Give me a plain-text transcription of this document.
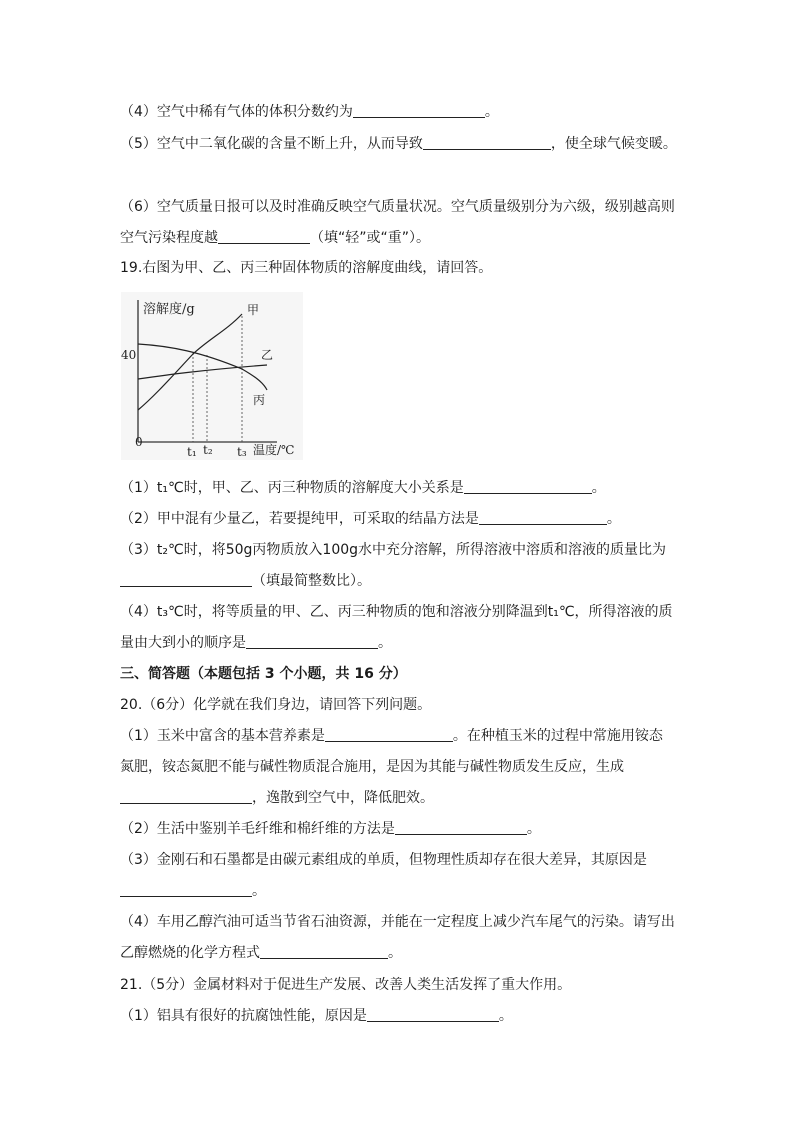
（4）空气中稀有气体的体积分数约为	。
（5）空气中二氧化碳的含量不断上升，从而导致	，使全球气候变暖。
（6）空气质量日报可以及时准确反映空气质量状况。空气质量级别分为六级，级别越高则
空气污染程度越	（填“轻”或“重”）。
19.右图为甲、乙、丙三种固体物质的溶解度曲线，请回答。
溶解度/g
40
0
t₁ t₂ t₃ 温度/℃
甲
乙
丙
（1）t₁℃时，甲、乙、丙三种物质的溶解度大小关系是	。
（2）甲中混有少量乙，若要提纯甲，可采取的结晶方法是	。
（3）t₂℃时，将50g丙物质放入100g水中充分溶解，所得溶液中溶质和溶液的质量比为
（填最简整数比）。
（4）t₃℃时，将等质量的甲、乙、丙三种物质的饱和溶液分别降温到t₁℃，所得溶液的质
量由大到小的顺序是	。
三、简答题（本题包括 3 个小题，共 16 分）
20.（6分）化学就在我们身边，请回答下列问题。
（1）玉米中富含的基本营养素是	。在种植玉米的过程中常施用铵态
氮肥，铵态氮肥不能与碱性物质混合施用，是因为其能与碱性物质发生反应，生成
，逸散到空气中，降低肥效。
（2）生活中鉴别羊毛纤维和棉纤维的方法是	。
（3）金刚石和石墨都是由碳元素组成的单质，但物理性质却存在很大差异，其原因是
。
（4）车用乙醇汽油可适当节省石油资源，并能在一定程度上减少汽车尾气的污染。请写出
乙醇燃烧的化学方程式	。
21.（5分）金属材料对于促进生产发展、改善人类生活发挥了重大作用。
（1）铝具有很好的抗腐蚀性能，原因是	。
